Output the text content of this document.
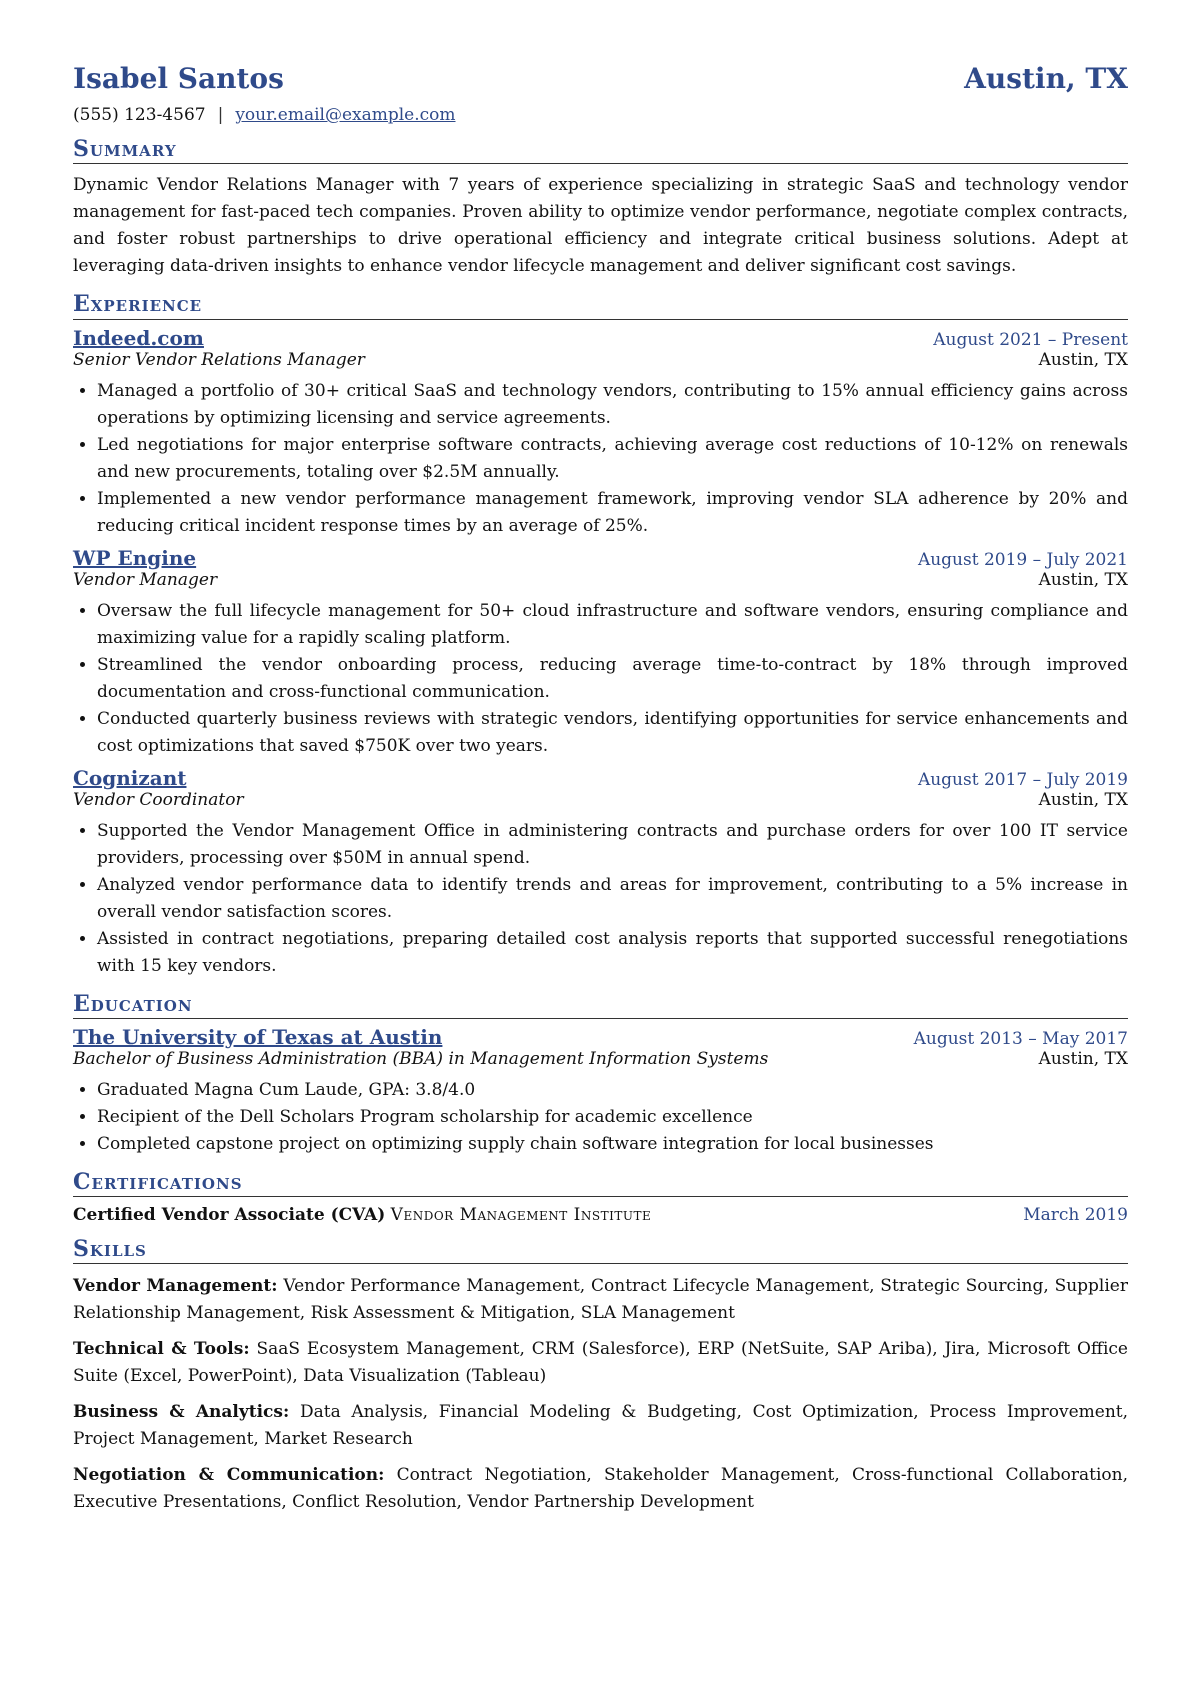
Isabel Santos	Austin, TX
(555) 123-4567 | your.email@example.com
Summary
Dynamic Vendor Relations Manager with 7 years of experience specializing in strategic SaaS and technology vendor management for fast-paced tech companies. Proven ability to optimize vendor performance, negotiate complex contracts, and foster robust partnerships to drive operational efficiency and integrate critical business solutions. Adept at leveraging data-driven insights to enhance vendor lifecycle management and deliver significant cost savings.
Experience
Indeed.com	August 2021 – Present
Senior Vendor Relations Manager	Austin, TX
• Managed a portfolio of 30+ critical SaaS and technology vendors, contributing to 15% annual efficiency gains across operations by optimizing licensing and service agreements.
• Led negotiations for major enterprise software contracts, achieving average cost reductions of 10-12% on renewals and new procurements, totaling over $2.5M annually.
• Implemented a new vendor performance management framework, improving vendor SLA adherence by 20% and reducing critical incident response times by an average of 25%.
WP Engine	August 2019 – July 2021
Vendor Manager	Austin, TX
• Oversaw the full lifecycle management for 50+ cloud infrastructure and software vendors, ensuring compliance and maximizing value for a rapidly scaling platform.
• Streamlined the vendor onboarding process, reducing average time-to-contract by 18% through improved documentation and cross-functional communication.
• Conducted quarterly business reviews with strategic vendors, identifying opportunities for service enhancements and cost optimizations that saved $750K over two years.
Cognizant	August 2017 – July 2019
Vendor Coordinator	Austin, TX
• Supported the Vendor Management Office in administering contracts and purchase orders for over 100 IT service providers, processing over $50M in annual spend.
• Analyzed vendor performance data to identify trends and areas for improvement, contributing to a 5% increase in overall vendor satisfaction scores.
• Assisted in contract negotiations, preparing detailed cost analysis reports that supported successful renegotiations with 15 key vendors.
Education
The University of Texas at Austin	August 2013 – May 2017
Bachelor of Business Administration (BBA) in Management Information Systems	Austin, TX
• Graduated Magna Cum Laude, GPA: 3.8/4.0
• Recipient of the Dell Scholars Program scholarship for academic excellence
• Completed capstone project on optimizing supply chain software integration for local businesses
Certifications
Certified Vendor Associate (CVA) Vendor Management Institute	March 2019
Skills
Vendor Management: Vendor Performance Management, Contract Lifecycle Management, Strategic Sourcing, Supplier Relationship Management, Risk Assessment & Mitigation, SLA Management
Technical & Tools: SaaS Ecosystem Management, CRM (Salesforce), ERP (NetSuite, SAP Ariba), Jira, Microsoft Office Suite (Excel, PowerPoint), Data Visualization (Tableau)
Business & Analytics: Data Analysis, Financial Modeling & Budgeting, Cost Optimization, Process Improvement, Project Management, Market Research
Negotiation & Communication: Contract Negotiation, Stakeholder Management, Cross-functional Collaboration, Executive Presentations, Conflict Resolution, Vendor Partnership Development
